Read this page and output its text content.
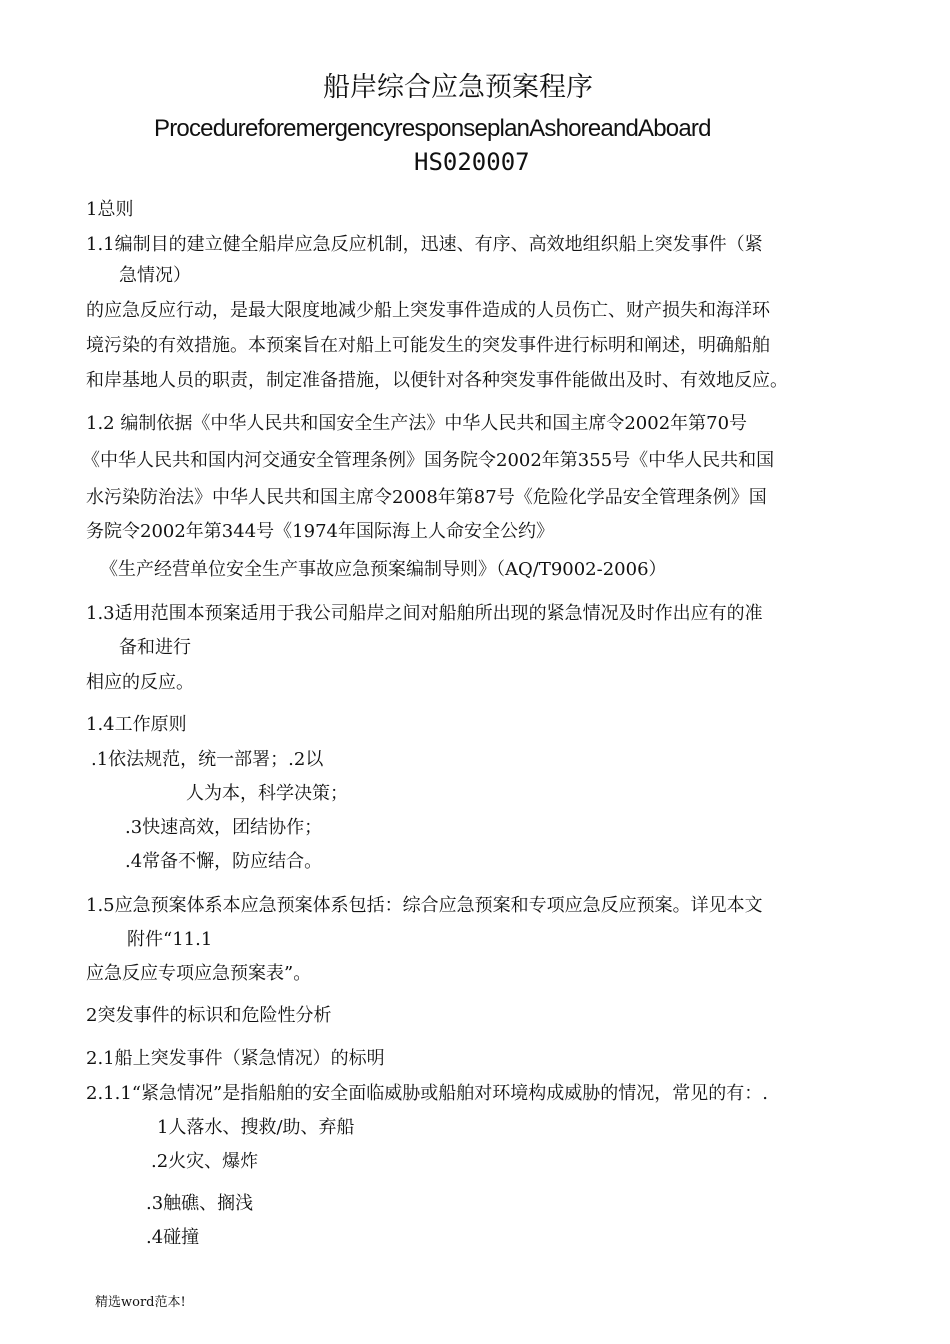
船岸综合应急预案程序
ProcedureforemergencyresponseplanAshoreandAboard
HS020007
1总则
1.1编制目的建立健全船岸应急反应机制，迅速、有序、高效地组织船上突发事件（紧
急情况）
的应急反应行动，是最大限度地减少船上突发事件造成的人员伤亡、财产损失和海洋环
境污染的有效措施。本预案旨在对船上可能发生的突发事件进行标明和阐述，明确船舶
和岸基地人员的职责，制定准备措施，以便针对各种突发事件能做出及时、有效地反应。
1.2 编制依据《中华人民共和国安全生产法》中华人民共和国主席令2002年第70号
《中华人民共和国内河交通安全管理条例》国务院令2002年第355号《中华人民共和国
水污染防治法》中华人民共和国主席令2008年第87号《危险化学品安全管理条例》国
务院令2002年第344号《1974年国际海上人命安全公约》
《生产经营单位安全生产事故应急预案编制导则》（AQ/T9002-2006）
1.3适用范围本预案适用于我公司船岸之间对船舶所出现的紧急情况及时作出应有的准
备和进行
相应的反应。
1.4工作原则
.1依法规范，统一部署；.2以
人为本，科学决策；
.3快速高效，团结协作；
.4常备不懈，防应结合。
1.5应急预案体系本应急预案体系包括：综合应急预案和专项应急反应预案。详见本文
附件“11.1
应急反应专项应急预案表”。
2突发事件的标识和危险性分析
2.1船上突发事件（紧急情况）的标明
2.1.1“紧急情况”是指船舶的安全面临威胁或船舶对环境构成威胁的情况，常见的有：.
1人落水、搜救/助、弃船
.2火灾、爆炸
.3触礁、搁浅
.4碰撞
精选word范本!
